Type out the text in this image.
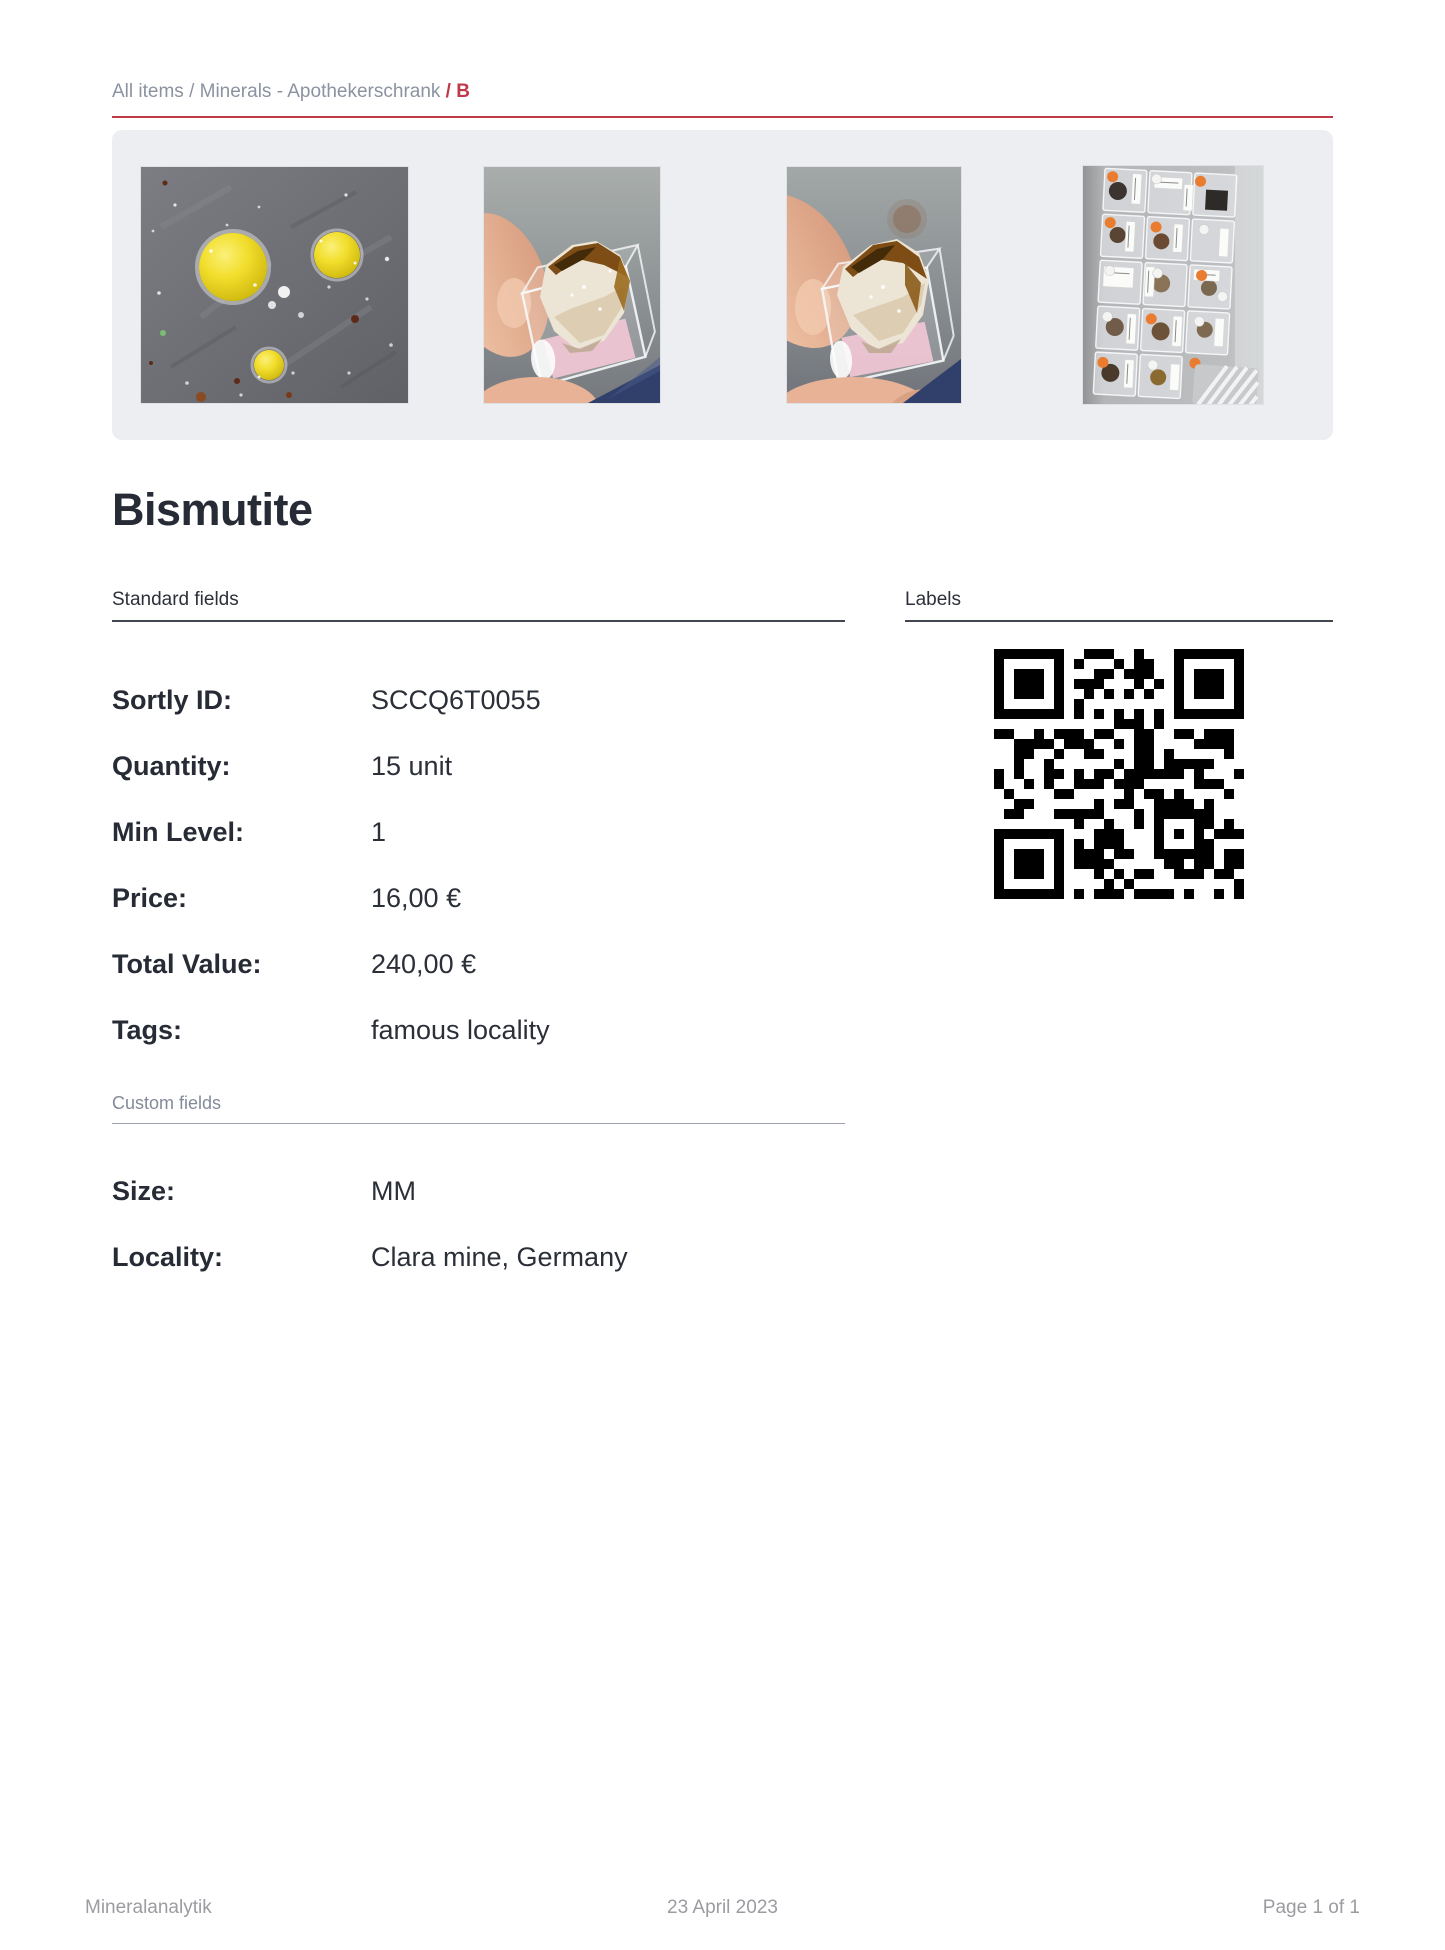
All items / Minerals - Apothekerschrank / B
Bismutite
Standard fields
Sortly ID:	SCCQ6T0055
Quantity:	15 unit
Min Level:	1
Price:	16,00 €
Total Value:	240,00 €
Tags:	famous locality
Custom fields
Size:	MM
Locality:	Clara mine, Germany
Labels
Mineralanalytik	23 April 2023	Page 1 of 1
